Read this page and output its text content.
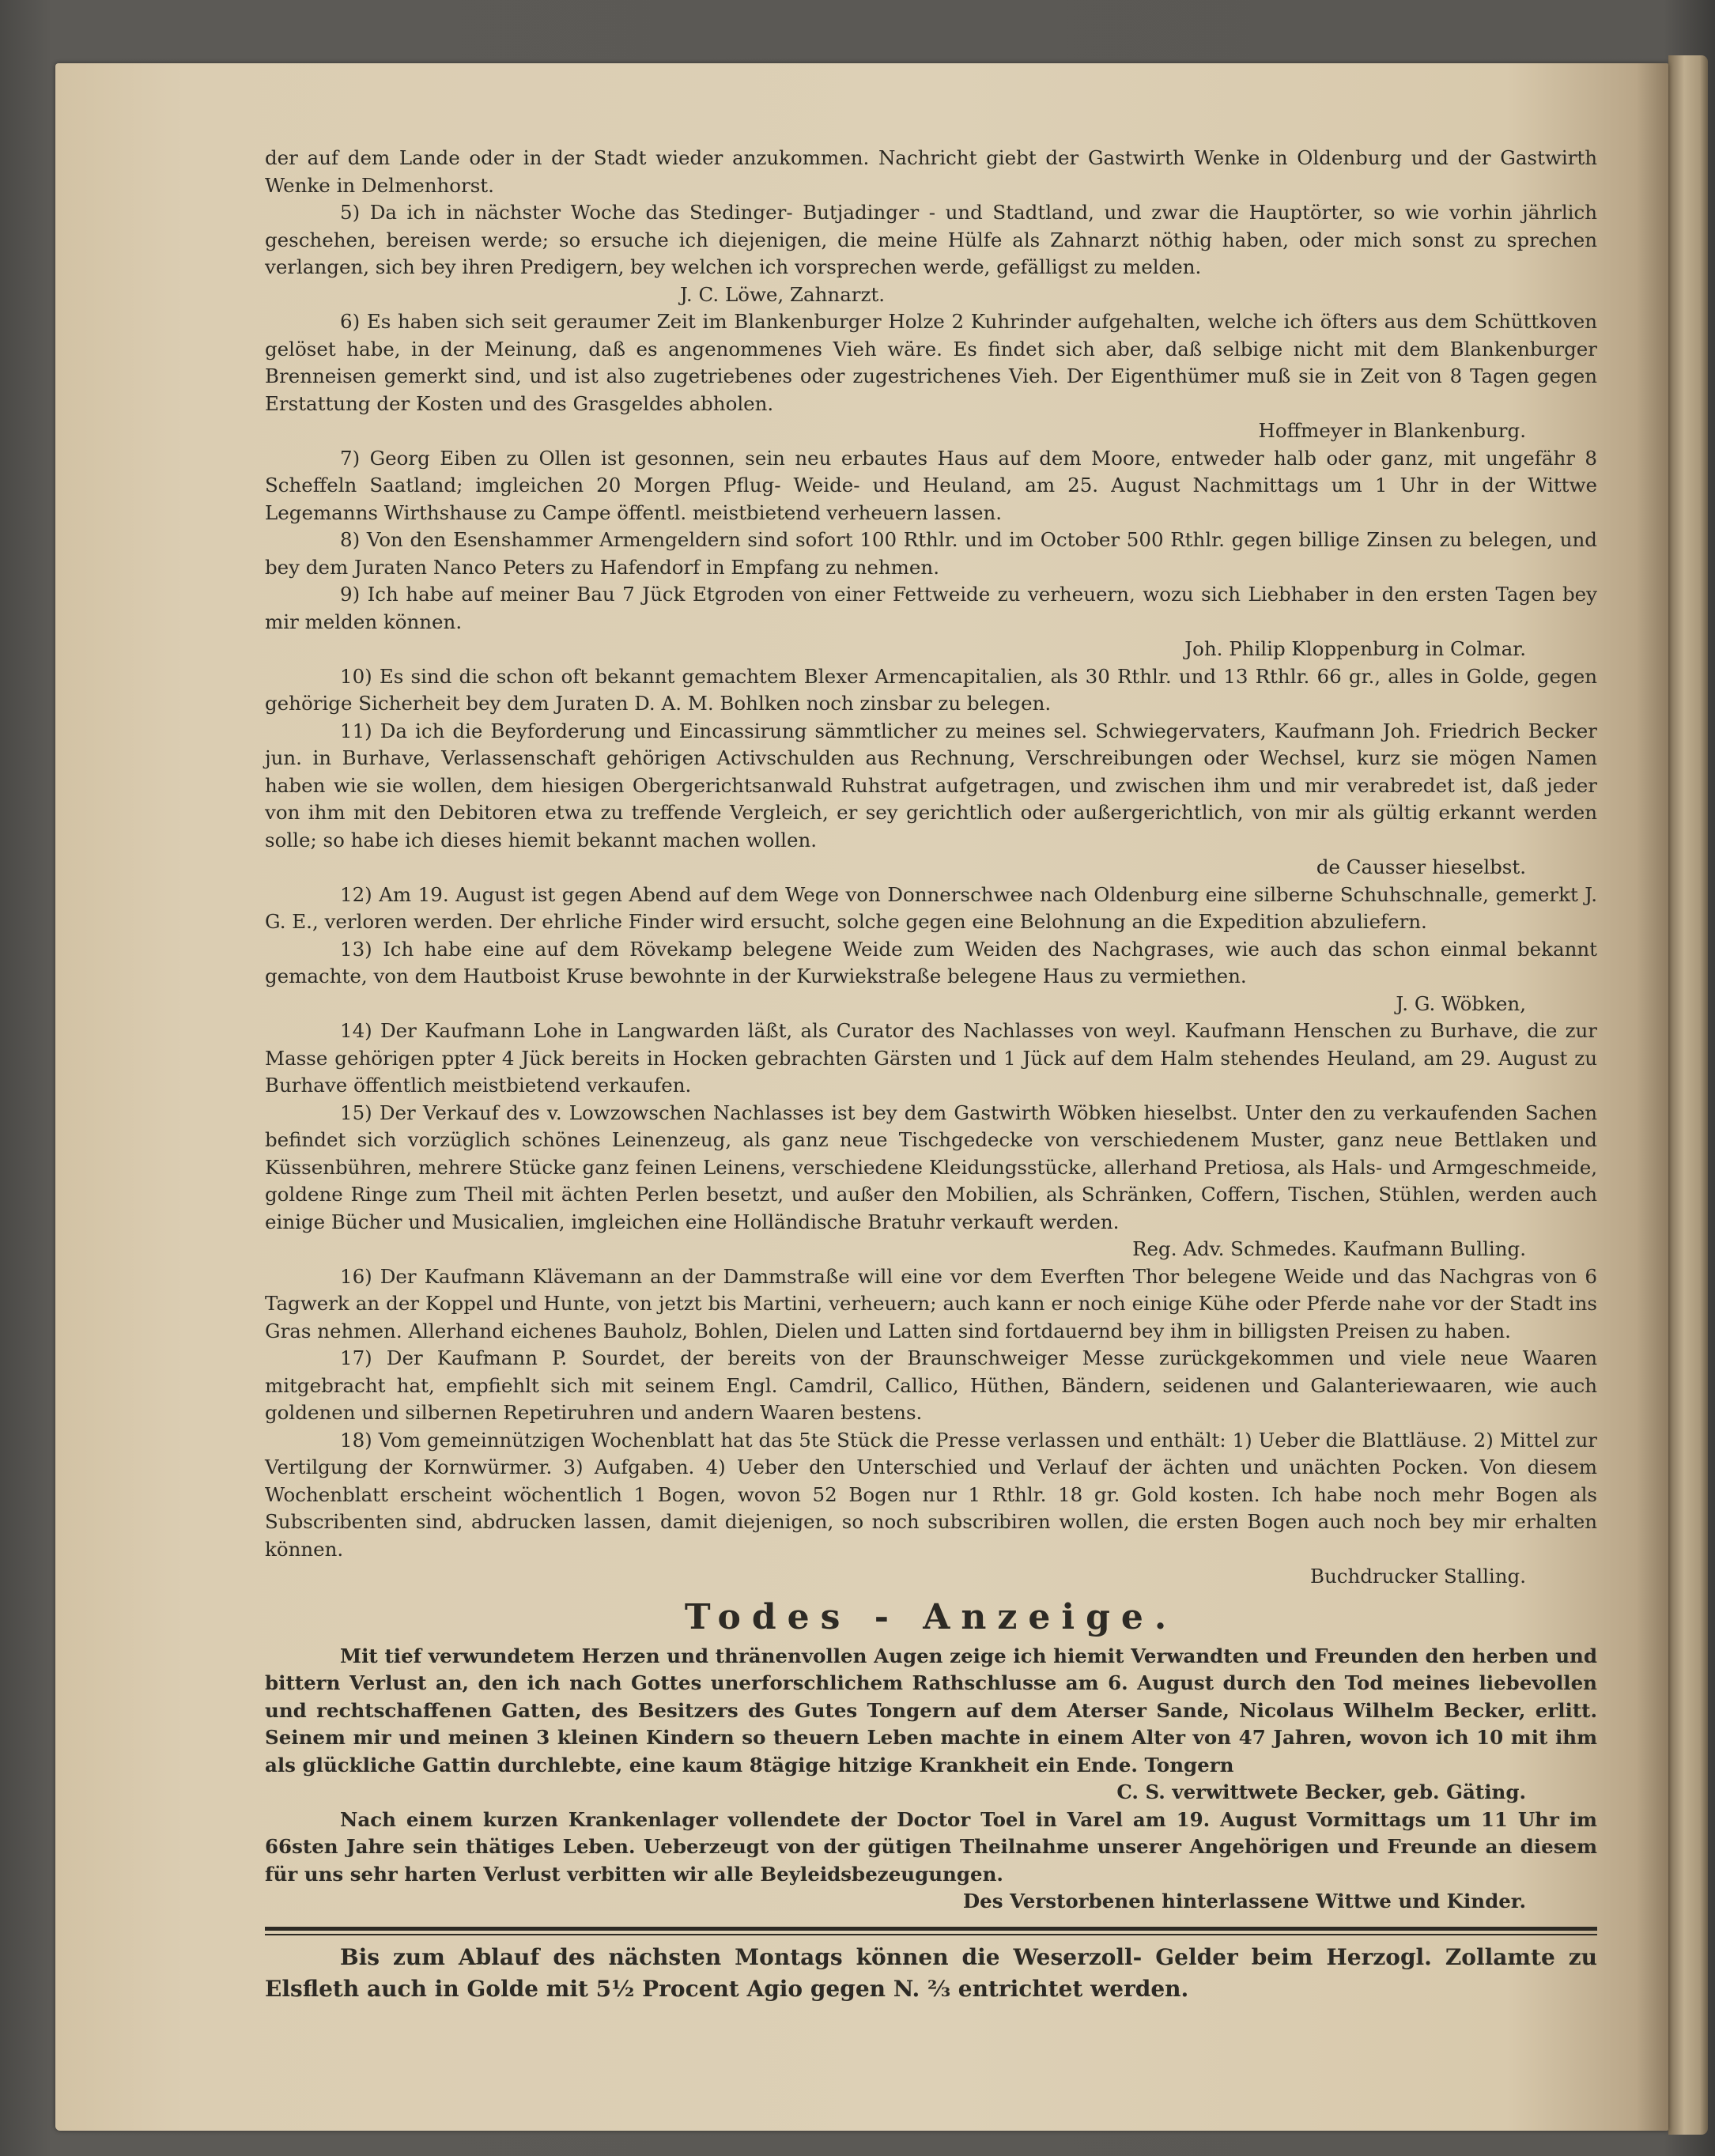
der auf dem Lande oder in der Stadt wieder anzukommen. Nachricht giebt der Gastwirth Wenke in Oldenburg und der Gastwirth Wenke in Delmenhorst.

5) Da ich in nächster Woche das Stedinger- Butjadinger - und Stadtland, und zwar die Hauptörter, so wie vorhin jährlich geschehen, bereisen werde; so ersuche ich diejenigen, die meine Hülfe als Zahnarzt nöthig haben, oder mich sonst zu sprechen verlangen, sich bey ihren Predigern, bey welchen ich vorsprechen werde, gefälligst zu melden.
J. C. Löwe, Zahnarzt.

6) Es haben sich seit geraumer Zeit im Blankenburger Holze 2 Kuhrinder aufgehalten, welche ich öfters aus dem Schüttkoven gelöset habe, in der Meinung, daß es angenommenes Vieh wäre. Es findet sich aber, daß selbige nicht mit dem Blankenburger Brenneisen gemerkt sind, und ist also zugetriebenes oder zugestrichenes Vieh. Der Eigenthümer muß sie in Zeit von 8 Tagen gegen Erstattung der Kosten und des Grasgeldes abholen.
Hoffmeyer in Blankenburg.

7) Georg Eiben zu Ollen ist gesonnen, sein neu erbautes Haus auf dem Moore, entweder halb oder ganz, mit ungefähr 8 Scheffeln Saatland; imgleichen 20 Morgen Pflug- Weide- und Heuland, am 25. August Nachmittags um 1 Uhr in der Wittwe Legemanns Wirthshause zu Campe öffentl. meistbietend verheuern lassen.

8) Von den Esenshammer Armengeldern sind sofort 100 Rthlr. und im October 500 Rthlr. gegen billige Zinsen zu belegen, und bey dem Juraten Nanco Peters zu Hafendorf in Empfang zu nehmen.

9) Ich habe auf meiner Bau 7 Jück Etgroden von einer Fettweide zu verheuern, wozu sich Liebhaber in den ersten Tagen bey mir melden können.
Joh. Philip Kloppenburg in Colmar.

10) Es sind die schon oft bekannt gemachtem Blexer Armencapitalien, als 30 Rthlr. und 13 Rthlr. 66 gr., alles in Golde, gegen gehörige Sicherheit bey dem Juraten D. A. M. Bohlken noch zinsbar zu belegen.

11) Da ich die Beyforderung und Eincassirung sämmtlicher zu meines sel. Schwiegervaters, Kaufmann Joh. Friedrich Becker jun. in Burhave, Verlassenschaft gehörigen Activschulden aus Rechnung, Verschreibungen oder Wechsel, kurz sie mögen Namen haben wie sie wollen, dem hiesigen Obergerichtsanwald Ruhstrat aufgetragen, und zwischen ihm und mir verabredet ist, daß jeder von ihm mit den Debitoren etwa zu treffende Vergleich, er sey gerichtlich oder außergerichtlich, von mir als gültig erkannt werden solle; so habe ich dieses hiemit bekannt machen wollen.
de Causser hieselbst.

12) Am 19. August ist gegen Abend auf dem Wege von Donnerschwee nach Oldenburg eine silberne Schuhschnalle, gemerkt J. G. E., verloren werden. Der ehrliche Finder wird ersucht, solche gegen eine Belohnung an die Expedition abzuliefern.

13) Ich habe eine auf dem Rövekamp belegene Weide zum Weiden des Nachgrases, wie auch das schon einmal bekannt gemachte, von dem Hautboist Kruse bewohnte in der Kurwiekstraße belegene Haus zu vermiethen.
J. G. Wöbken,

14) Der Kaufmann Lohe in Langwarden läßt, als Curator des Nachlasses von weyl. Kaufmann Henschen zu Burhave, die zur Masse gehörigen ppter 4 Jück bereits in Hocken gebrachten Gärsten und 1 Jück auf dem Halm stehendes Heuland, am 29. August zu Burhave öffentlich meistbietend verkaufen.

15) Der Verkauf des v. Lowzowschen Nachlasses ist bey dem Gastwirth Wöbken hieselbst. Unter den zu verkaufenden Sachen befindet sich vorzüglich schönes Leinenzeug, als ganz neue Tischgedecke von verschiedenem Muster, ganz neue Bettlaken und Küssenbühren, mehrere Stücke ganz feinen Leinens, verschiedene Kleidungsstücke, allerhand Pretiosa, als Hals- und Armgeschmeide, goldene Ringe zum Theil mit ächten Perlen besetzt, und außer den Mobilien, als Schränken, Coffern, Tischen, Stühlen, werden auch einige Bücher und Musicalien, imgleichen eine Holländische Bratuhr verkauft werden.
Reg. Adv. Schmedes. Kaufmann Bulling.

16) Der Kaufmann Klävemann an der Dammstraße will eine vor dem Everften Thor belegene Weide und das Nachgras von 6 Tagwerk an der Koppel und Hunte, von jetzt bis Martini, verheuern; auch kann er noch einige Kühe oder Pferde nahe vor der Stadt ins Gras nehmen. Allerhand eichenes Bauholz, Bohlen, Dielen und Latten sind fortdauernd bey ihm in billigsten Preisen zu haben.

17) Der Kaufmann P. Sourdet, der bereits von der Braunschweiger Messe zurückgekommen und viele neue Waaren mitgebracht hat, empfiehlt sich mit seinem Engl. Camdril, Callico, Hüthen, Bändern, seidenen und Galanteriewaaren, wie auch goldenen und silbernen Repetiruhren und andern Waaren bestens.

18) Vom gemeinnützigen Wochenblatt hat das 5te Stück die Presse verlassen und enthält: 1) Ueber die Blattläuse. 2) Mittel zur Vertilgung der Kornwürmer. 3) Aufgaben. 4) Ueber den Unterschied und Verlauf der ächten und unächten Pocken. Von diesem Wochenblatt erscheint wöchentlich 1 Bogen, wovon 52 Bogen nur 1 Rthlr. 18 gr. Gold kosten. Ich habe noch mehr Bogen als Subscribenten sind, abdrucken lassen, damit diejenigen, so noch subscribiren wollen, die ersten Bogen auch noch bey mir erhalten können.
Buchdrucker Stalling.

Todes - Anzeige.

Mit tief verwundetem Herzen und thränenvollen Augen zeige ich hiemit Verwandten und Freunden den herben und bittern Verlust an, den ich nach Gottes unerforschlichem Rathschlusse am 6. August durch den Tod meines liebevollen und rechtschaffenen Gatten, des Besitzers des Gutes Tongern auf dem Aterser Sande, Nicolaus Wilhelm Becker, erlitt. Seinem mir und meinen 3 kleinen Kindern so theuern Leben machte in einem Alter von 47 Jahren, wovon ich 10 mit ihm als glückliche Gattin durchlebte, eine kaum 8tägige hitzige Krankheit ein Ende. Tongern
C. S. verwittwete Becker, geb. Gäting.

Nach einem kurzen Krankenlager vollendete der Doctor Toel in Varel am 19. August Vormittags um 11 Uhr im 66sten Jahre sein thätiges Leben. Ueberzeugt von der gütigen Theilnahme unserer Angehörigen und Freunde an diesem für uns sehr harten Verlust verbitten wir alle Beyleidsbezeugungen.
Des Verstorbenen hinterlassene Wittwe und Kinder.

Bis zum Ablauf des nächsten Montags können die Weserzoll- Gelder beim Herzogl. Zollamte zu Elsfleth auch in Golde mit 5½ Procent Agio gegen N. ⅔ entrichtet werden.
